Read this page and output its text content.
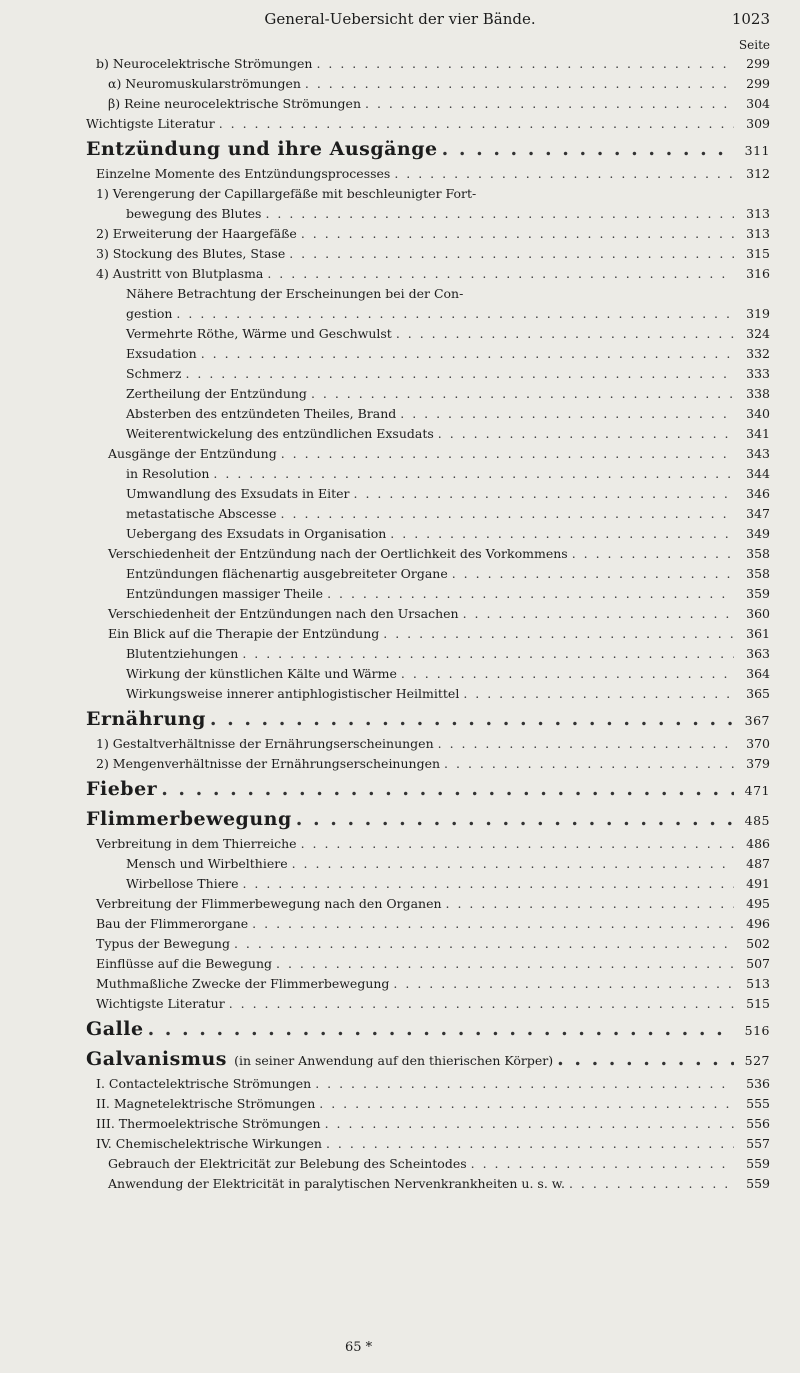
General-Uebersicht der vier Bände.	1023
Seite
b) Neurocelektrische Strömungen . . .	299
α) Neuromuskularströmungen . . .	299
β) Reine neurocelektrische Strömungen . . .	304
Wichtigste Literatur . . .	309
Entzündung und ihre Ausgänge . . .	311
Einzelne Momente des Entzündungsprocesses . . .	312
1) Verengerung der Capillargefäße mit beschleunigter Fort-
bewegung des Blutes . . .	313
2) Erweiterung der Haargefäße . . .	313
3) Stockung des Blutes, Stase . . .	315
4) Austritt von Blutplasma . . .	316
Nähere Betrachtung der Erscheinungen bei der Con-
gestion . . .	319
Vermehrte Röthe, Wärme und Geschwulst . . .	324
Exsudation . . .	332
Schmerz . . .	333
Zertheilung der Entzündung . . .	338
Absterben des entzündeten Theiles, Brand . . .	340
Weiterentwickelung des entzündlichen Exsudats . . .	341
Ausgänge der Entzündung . . .	343
in Resolution . . .	344
Umwandlung des Exsudats in Eiter . . .	346
metastatische Abscesse . . .	347
Uebergang des Exsudats in Organisation . . .	349
Verschiedenheit der Entzündung nach der Oertlichkeit des Vorkommens . . .	358
Entzündungen flächenartig ausgebreiteter Organe . . .	358
Entzündungen massiger Theile . . .	359
Verschiedenheit der Entzündungen nach den Ursachen . . .	360
Ein Blick auf die Therapie der Entzündung . . .	361
Blutentziehungen . . .	363
Wirkung der künstlichen Kälte und Wärme . . .	364
Wirkungsweise innerer antiphlogistischer Heilmittel . . .	365
Ernährung . . .	367
1) Gestaltverhältnisse der Ernährungserscheinungen . . .	370
2) Mengenverhältnisse der Ernährungserscheinungen . . .	379
Fieber . . .	471
Flimmerbewegung . . .	485
Verbreitung in dem Thierreiche . . .	486
Mensch und Wirbelthiere . . .	487
Wirbellose Thiere . . .	491
Verbreitung der Flimmerbewegung nach den Organen . . .	495
Bau der Flimmerorgane . . .	496
Typus der Bewegung . . .	502
Einflüsse auf die Bewegung . . .	507
Muthmaßliche Zwecke der Flimmerbewegung . . .	513
Wichtigste Literatur . . .	515
Galle . . .	516
Galvanismus (in seiner Anwendung auf den thierischen Körper) . . .	527
I. Contactelektrische Strömungen . . .	536
II. Magnetelektrische Strömungen . . .	555
III. Thermoelektrische Strömungen . . .	556
IV. Chemischelektrische Wirkungen . . .	557
Gebrauch der Elektricität zur Belebung des Scheintodes . . .	559
Anwendung der Elektricität in paralytischen Nervenkrankheiten u. s. w. . . .	559
65 *
